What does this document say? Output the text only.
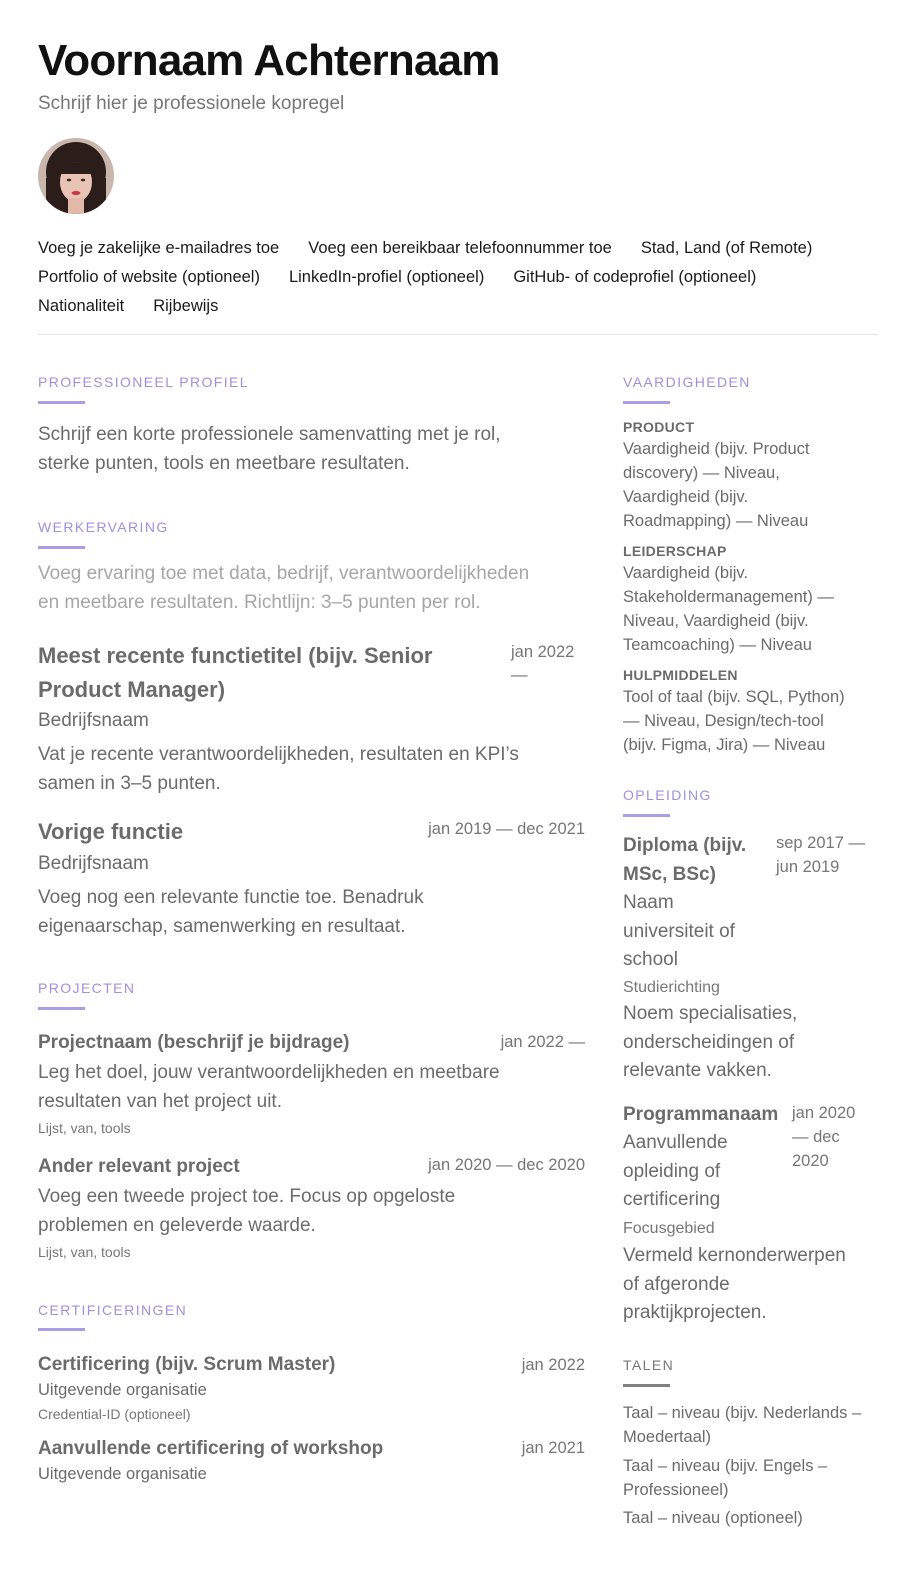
Voornaam Achternaam
Schrijf hier je professionele kopregel
Voeg je zakelijke e-mailadres toe Voeg een bereikbaar telefoonnummer toe Stad, Land (of Remote)
Portfolio of website (optioneel) LinkedIn-profiel (optioneel) GitHub- of codeprofiel (optioneel)
Nationaliteit Rijbewijs
PROFESSIONEEL PROFIEL
Schrijf een korte professionele samenvatting met je rol,
sterke punten, tools en meetbare resultaten.
WERKERVARING
Voeg ervaring toe met data, bedrijf, verantwoordelijkheden
en meetbare resultaten. Richtlijn: 3–5 punten per rol.
Meest recente functietitel (bijv. Senior
Product Manager)
jan 2022
—
Bedrijfsnaam
Vat je recente verantwoordelijkheden, resultaten en KPI’s
samen in 3–5 punten.
Vorige functie	jan 2019 — dec 2021
Bedrijfsnaam
Voeg nog een relevante functie toe. Benadruk
eigenaarschap, samenwerking en resultaat.
PROJECTEN
Projectnaam (beschrijf je bijdrage)	jan 2022 —
Leg het doel, jouw verantwoordelijkheden en meetbare
resultaten van het project uit.
Lijst, van, tools
Ander relevant project	jan 2020 — dec 2020
Voeg een tweede project toe. Focus op opgeloste
problemen en geleverde waarde.
Lijst, van, tools
CERTIFICERINGEN
Certificering (bijv. Scrum Master)	jan 2022
Uitgevende organisatie
Credential-ID (optioneel)
Aanvullende certificering of workshop	jan 2021
Uitgevende organisatie
VAARDIGHEDEN
PRODUCT
Vaardigheid (bijv. Product
discovery) — Niveau,
Vaardigheid (bijv.
Roadmapping) — Niveau
LEIDERSCHAP
Vaardigheid (bijv.
Stakeholdermanagement) —
Niveau, Vaardigheid (bijv.
Teamcoaching) — Niveau
HULPMIDDELEN
Tool of taal (bijv. SQL, Python)
— Niveau, Design/tech-tool
(bijv. Figma, Jira) — Niveau
OPLEIDING
Diploma (bijv.
MSc, BSc)
sep 2017 —
jun 2019
Naam
universiteit of
school
Studierichting
Noem specialisaties,
onderscheidingen of
relevante vakken.
Programmanaam jan 2020
— dec
2020
Aanvullende
opleiding of
certificering
Focusgebied
Vermeld kernonderwerpen
of afgeronde
praktijkprojecten.
TALEN
Taal – niveau (bijv. Nederlands –
Moedertaal)
Taal – niveau (bijv. Engels –
Professioneel)
Taal – niveau (optioneel)
